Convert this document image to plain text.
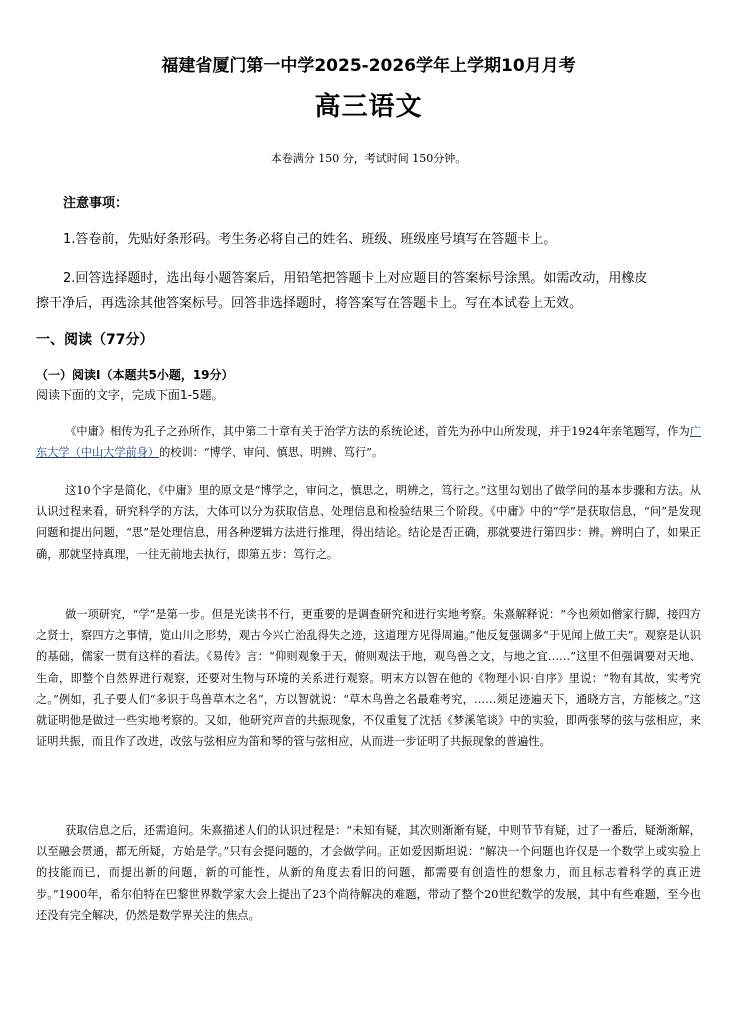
福建省厦门第一中学2025-2026学年上学期10月月考
高三语文
本卷满分 150 分，考试时间 150分钟。
注意事项：
1.答卷前，先贴好条形码。考生务必将自己的姓名、班级、班级座号填写在答题卡上。
2.回答选择题时，选出每小题答案后，用铅笔把答题卡上对应题目的答案标号涂黑。如需改动，用橡皮
擦干净后，再选涂其他答案标号。回答非选择题时，将答案写在答题卡上。写在本试卷上无效。
一、阅读（77分）
（一）阅读Ⅰ（本题共5小题，19分）
阅读下面的文字，完成下面1-5题。
《中庸》相传为孔子之孙所作，其中第二十章有关于治学方法的系统论述，首先为孙中山所发现，并于1924年亲笔题写，作为广东大学（中山大学前身）的校训：“博学、审问、慎思、明辨、笃行”。
这10个字是简化，《中庸》里的原文是“博学之，审问之，慎思之，明辨之，笃行之。”这里勾划出了做学问的基本步骤和方法。从认识过程来看，研究科学的方法，大体可以分为获取信息、处理信息和检验结果三个阶段。《中庸》中的“学”是获取信息，“问”是发现问题和提出问题，“思”是处理信息，用各种逻辑方法进行推理，得出结论。结论是否正确，那就要进行第四步：辨。辨明白了，如果正确，那就坚持真理，一往无前地去执行，即第五步：笃行之。
做一项研究，“学”是第一步。但是光读书不行，更重要的是调查研究和进行实地考察。朱熹解释说：“今也须如僧家行脚，接四方之贤士，察四方之事情，览山川之形势，观古今兴亡治乱得失之迹，这道理方见得周遍。”他反复强调多“于见闻上做工夫”。观察是认识的基础，儒家一贯有这样的看法。《易传》言：“仰则观象于天，俯则观法于地，观鸟兽之文，与地之宜……”这里不但强调要对天地、生命，即整个自然界进行观察，还要对生物与环境的关系进行观察。明末方以智在他的《物理小识·自序》里说：“物有其故，实考究之。”例如，孔子要人们“多识于鸟兽草木之名”，方以智就说：“草木鸟兽之名最难考究，……须足迹遍天下，通晓方言，方能核之。”这就证明他是做过一些实地考察的。又如，他研究声音的共振现象，不仅重复了沈括《梦溪笔谈》中的实验，即两张琴的弦与弦相应，来证明共振，而且作了改进，改弦与弦相应为笛和琴的管与弦相应，从而进一步证明了共振现象的普遍性。
获取信息之后，还需追问。朱熹描述人们的认识过程是：“未知有疑，其次则渐渐有疑，中则节节有疑，过了一番后，疑渐渐解，以至融会贯通，都无所疑，方始是学。”只有会提问题的，才会做学问。正如爱因斯坦说：“解决一个问题也许仅是一个数学上或实验上的技能而已，而提出新的问题，新的可能性，从新的角度去看旧的问题，都需要有创造性的想象力，而且标志着科学的真正进步。”1900年，希尔伯特在巴黎世界数学家大会上提出了23个尚待解决的难题，带动了整个20世纪数学的发展，其中有些难题，至今也还没有完全解决，仍然是数学界关注的焦点。
